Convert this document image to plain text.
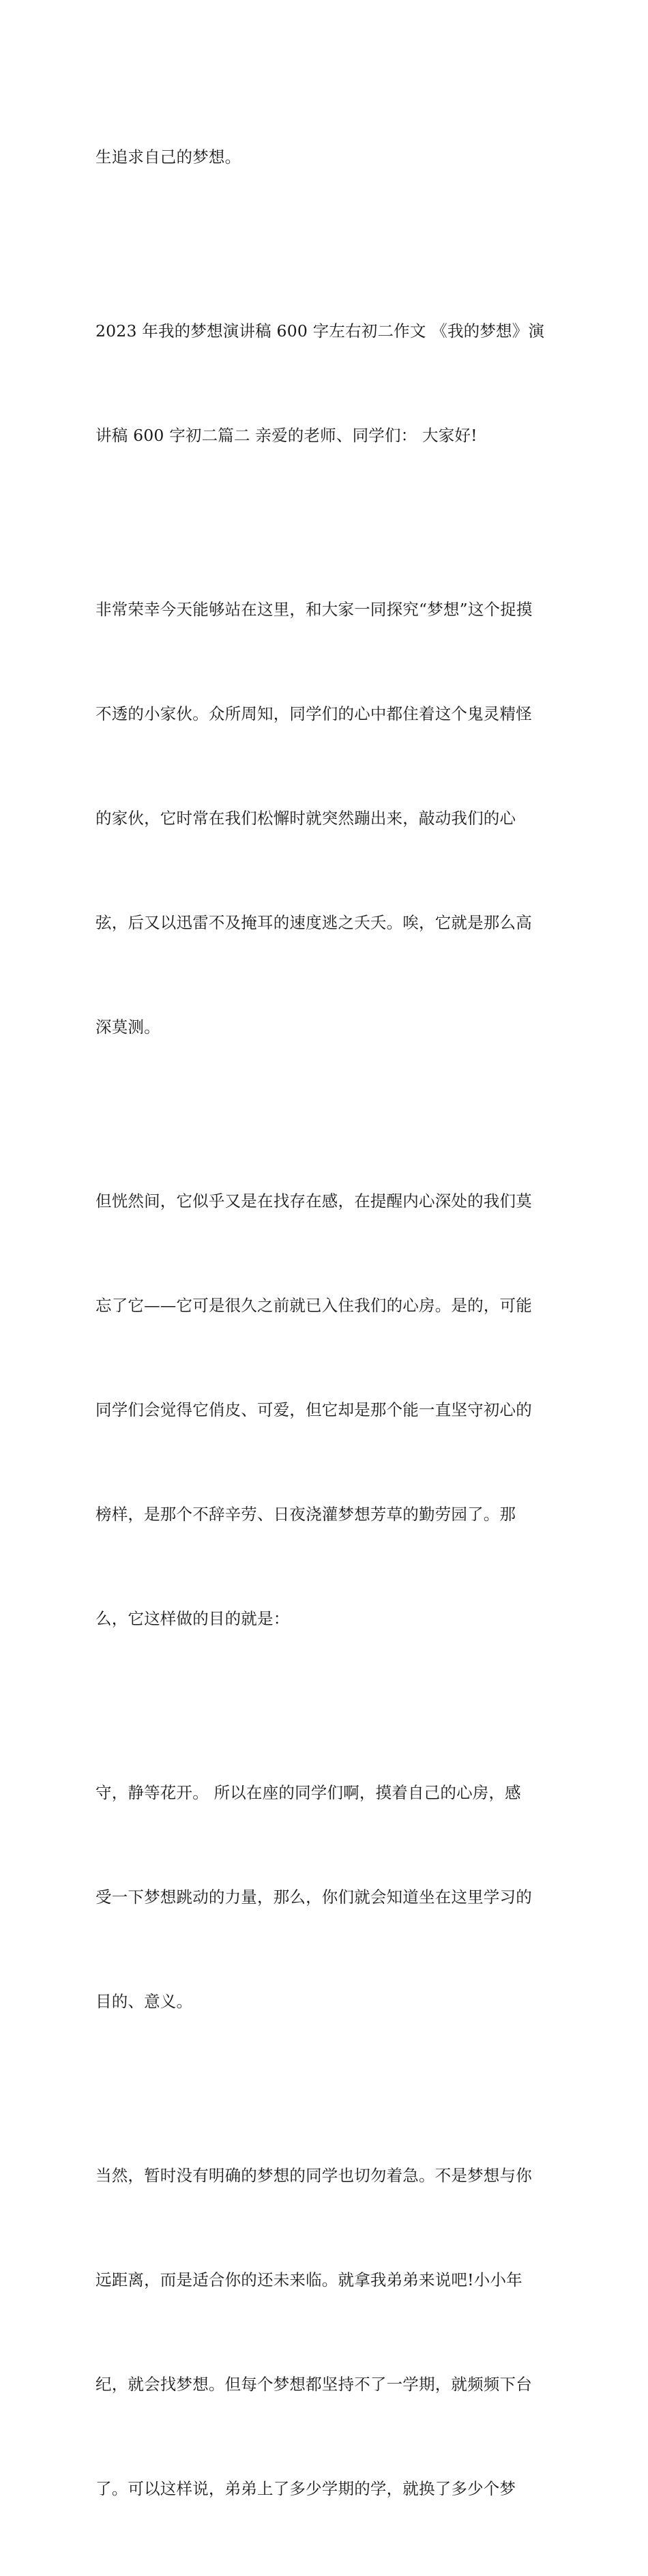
生追求自己的梦想。

2023 年我的梦想演讲稿 600 字左右初二作文 《我的梦想》演

讲稿 600 字初二篇二 亲爱的老师、同学们： 大家好!

非常荣幸今天能够站在这里，和大家一同探究“梦想”这个捉摸

不透的小家伙。众所周知，同学们的心中都住着这个鬼灵精怪

的家伙，它时常在我们松懈时就突然蹦出来，敲动我们的心

弦，后又以迅雷不及掩耳的速度逃之夭夭。唉，它就是那么高

深莫测。

但恍然间，它似乎又是在找存在感，在提醒内心深处的我们莫

忘了它——它可是很久之前就已入住我们的心房。是的，可能

同学们会觉得它俏皮、可爱，但它却是那个能一直坚守初心的

榜样，是那个不辞辛劳、日夜浇灌梦想芳草的勤劳园了。那

么，它这样做的目的就是：

守，静等花开。 所以在座的同学们啊，摸着自己的心房，感

受一下梦想跳动的力量，那么，你们就会知道坐在这里学习的

目的、意义。

当然，暂时没有明确的梦想的同学也切勿着急。不是梦想与你

远距离，而是适合你的还未来临。就拿我弟弟来说吧!小小年

纪，就会找梦想。但每个梦想都坚持不了一学期，就频频下台

了。可以这样说，弟弟上了多少学期的学，就换了多少个梦
